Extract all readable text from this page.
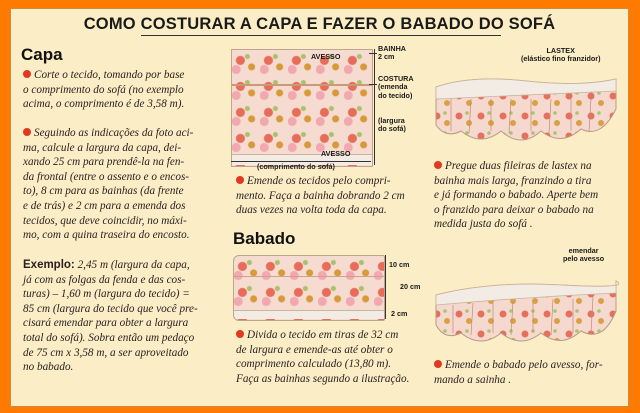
COMO COSTURAR A CAPA E FAZER O BABADO DO SOFÁ
Capa

Corte o tecido, tomando por base
o comprimento do sofá (no exemplo
acima, o comprimento é de 3,58 m).

Seguindo as indicações da foto aci-
ma, calcule a largura da capa, dei-
xando 25 cm para prendê-la na fen-
da frontal (entre o assento e o encos-
to), 8 cm para as bainhas (da frente
e de trás) e 2 cm para a emenda dos
tecidos, que deve coincidir, no máxi-
mo, com a quina traseira do encosto.

Exemplo: 2,45 m (largura da capa,
já com as folgas da fenda e das cos-
turas) – 1,60 m (largura do tecido) =
85 cm (largura do tecido que você pre-
cisará emendar para obter a largura
total do sofá). Sobra então um pedaço
de 75 cm x 3,58 m, a ser aproveitado
no babado.

AVESSO
AVESSO
BAINHA
2 cm
COSTURA
(emenda
do tecido)
(largura
do sofá)
(comprimento do sofá)

Emende os tecidos pelo compri-
mento. Faça a bainha dobrando 2 cm
duas vezes na volta toda da capa.

Babado
10 cm
20 cm
2 cm

Divida o tecido em tiras de 32 cm
de largura e emende-as até obter o
comprimento calculado (13,80 m).
Faça as bainhas segundo a ilustração.

LASTEX
(elástico fino franzidor)

Pregue duas fileiras de lastex na
bainha mais larga, franzindo a tira
e já formando o babado. Aperte bem
o franzido para deixar o babado na
medida justa do sofá .

emendar
pelo avesso

Emende o babado pelo avesso, for-
mando a sainha .
